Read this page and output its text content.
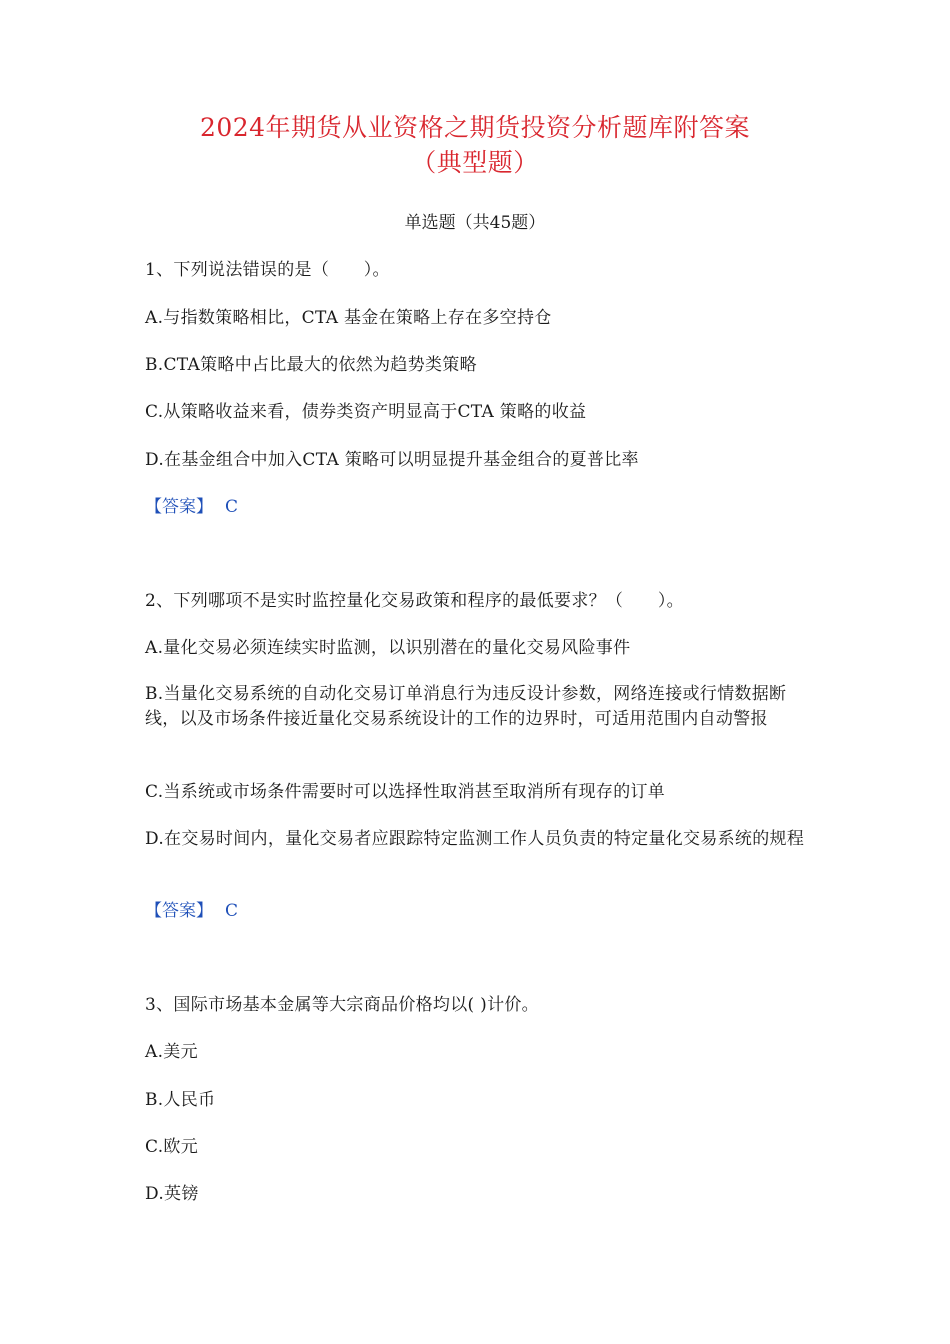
2024年期货从业资格之期货投资分析题库附答案
（典型题）
单选题（共45题）
1、下列说法错误的是（　　）。
A.与指数策略相比，CTA 基金在策略上存在多空持仓
B.CTA策略中占比最大的依然为趋势类策略
C.从策略收益来看，债券类资产明显高于CTA 策略的收益
D.在基金组合中加入CTA 策略可以明显提升基金组合的夏普比率
【答案】 C
2、下列哪项不是实时监控量化交易政策和程序的最低要求？（　　）。
A.量化交易必须连续实时监测，以识别潜在的量化交易风险事件
B.当量化交易系统的自动化交易订单消息行为违反设计参数，网络连接或行情数据断线，以及市场条件接近量化交易系统设计的工作的边界时，可适用范围内自动警报
C.当系统或市场条件需要时可以选择性取消甚至取消所有现存的订单
D.在交易时间内，量化交易者应跟踪特定监测工作人员负责的特定量化交易系统的规程
【答案】 C
3、国际市场基本金属等大宗商品价格均以( )计价。
A.美元
B.人民币
C.欧元
D.英镑
